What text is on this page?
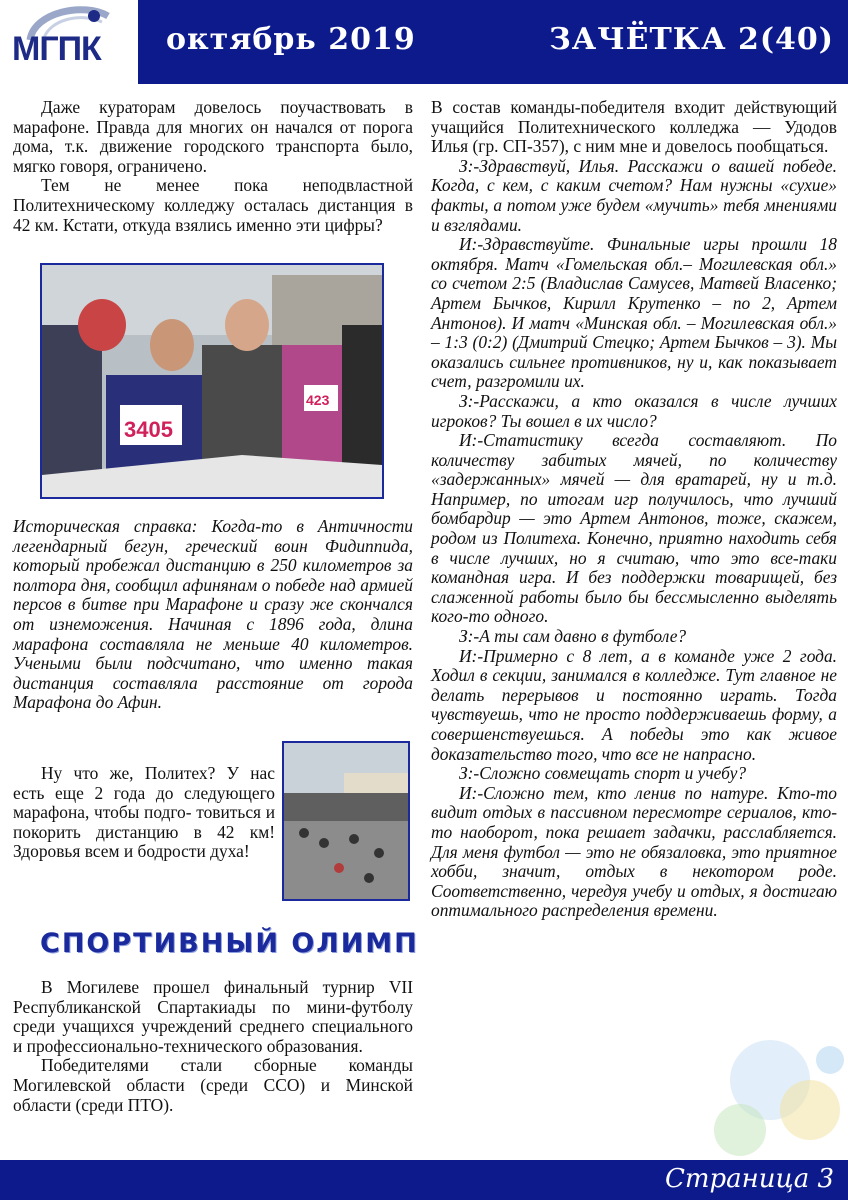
МГПК октябрь 2019	ЗАЧЁТКА 2(40)

Даже кураторам довелось поучаствовать в марафоне. Правда для многих он начался от порога дома, т.к. движение городского транспорта было, мягко говоря, ограничено.

Тем не менее пока неподвластной Политехническому колледжу осталась дистанция в 42 км. Кстати, откуда взялись именно эти цифры?

3405
423
Историческая справка: Когда-то в Античности легендарный бегун, греческий воин Фидиппида, который пробежал дистанцию в 250 километров за полтора дня, сообщил афинянам о победе над армией персов в битве при Марафоне и сразу же скончался от изнеможения. Начиная с 1896 года, длина марафона составляла не меньше 40 километров. Учеными были подсчитано, что именно такая дистанция составляла расстояние от города Марафона до Афин.
Ну что же, Политех? У нас есть еще 2 года до следующего марафона, чтобы подго- товиться и покорить дистанцию в 42 км! Здоровья всем и бодрости духа!
СПОРТИВНЫЙ ОЛИМП

В Могилеве прошел финальный турнир VII Республиканской Спартакиады по мини-футболу среди учащихся учреждений среднего специального и профессионально-технического образования.

Победителями стали сборные команды Могилевской области (среди ССО) и Минской области (среди ПТО).

В состав команды-победителя входит действующий учащийся Политехнического колледжа — Удодов Илья (гр. СП-357), с ним мне и довелось пообщаться.

З:-Здравствуй, Илья. Расскажи о вашей победе. Когда, с кем, с каким счетом? Нам нужны «сухие» факты, а потом уже будем «мучить» тебя мнениями и взглядами.

И:-Здравствуйте. Финальные игры прошли 18 октября. Матч «Гомельская обл.– Могилевская обл.» со счетом 2:5 (Владислав Самусев, Матвей Власенко; Артем Бычков, Кирилл Крутенко – по 2, Артем Антонов). И матч «Минская обл. – Могилевская обл.» – 1:3 (0:2) (Дмитрий Стецко; Артем Бычков – 3). Мы оказались сильнее противников, ну и, как показывает счет, разгромили их.

З:-Расскажи, а кто оказался в числе лучших игроков? Ты вошел в их число?

И:-Статистику всегда составляют. По количеству забитых мячей, по количеству «задержанных» мячей — для вратарей, ну и т.д. Например, по итогам игр получилось, что лучший бомбардир — это Артем Антонов, тоже, скажем, родом из Политеха. Конечно, приятно находить себя в числе лучших, но я считаю, что это все-таки командная игра. И без поддержки товарищей, без слаженной работы было бы бессмысленно выделять кого-то одного.

З:-А ты сам давно в футболе?

И:-Примерно с 8 лет, а в команде уже 2 года. Ходил в секции, занимался в колледже. Тут главное не делать перерывов и постоянно играть. Тогда чувствуешь, что не просто поддерживаешь форму, а совершенствуешься. А победы это как живое доказательство того, что все не напрасно.

З:-Сложно совмещать спорт и учебу?

И:-Сложно тем, кто ленив по натуре. Кто-то видит отдых в пассивном пересмотре сериалов, кто-то наоборот, пока решает задачки, расслабляется. Для меня футбол — это не обязаловка, это приятное хобби, значит, отдых в некотором роде. Соответственно, чередуя учебу и отдых, я достигаю оптимального распределения времени.

Страница 3
